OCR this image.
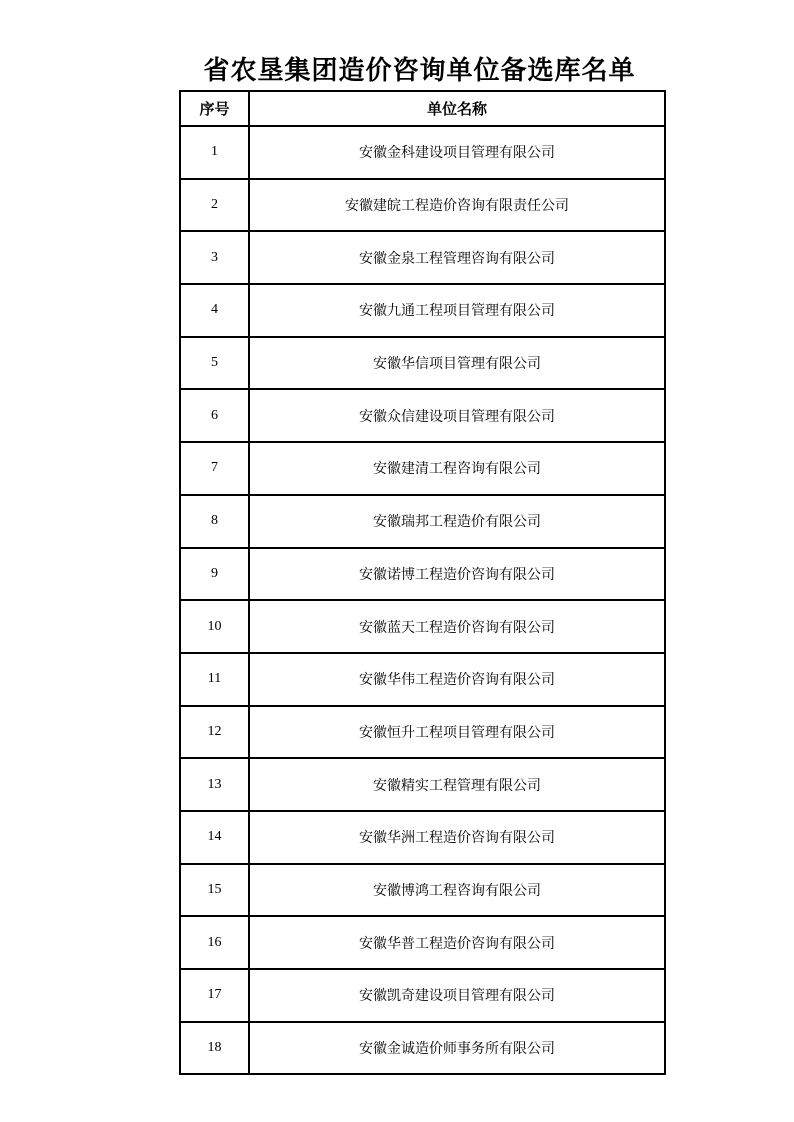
省农垦集团造价咨询单位备选库名单
序号	单位名称
1	安徽金科建设项目管理有限公司
2	安徽建皖工程造价咨询有限责任公司
3	安徽金泉工程管理咨询有限公司
4	安徽九通工程项目管理有限公司
5	安徽华信项目管理有限公司
6	安徽众信建设项目管理有限公司
7	安徽建清工程咨询有限公司
8	安徽瑞邦工程造价有限公司
9	安徽诺博工程造价咨询有限公司
10	安徽蓝天工程造价咨询有限公司
11	安徽华伟工程造价咨询有限公司
12	安徽恒升工程项目管理有限公司
13	安徽精实工程管理有限公司
14	安徽华洲工程造价咨询有限公司
15	安徽博鸿工程咨询有限公司
16	安徽华普工程造价咨询有限公司
17	安徽凯奇建设项目管理有限公司
18	安徽金诚造价师事务所有限公司
